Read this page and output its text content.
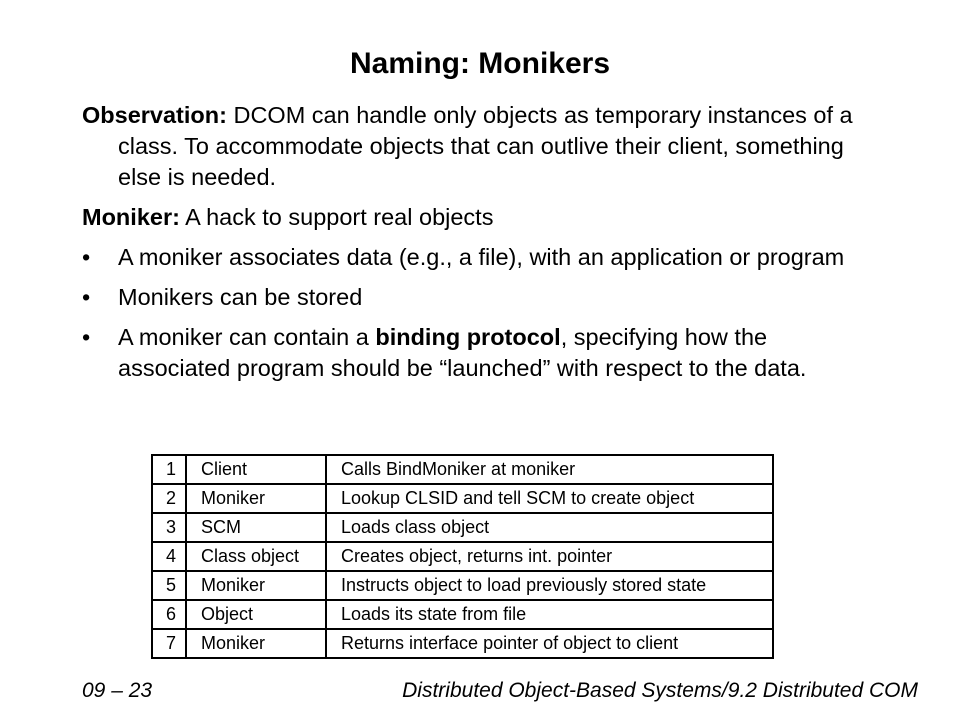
Naming: Monikers

Observation: DCOM can handle only objects as temporary instances of a class. To accommodate objects that can outlive their client, something else is needed.

Moniker: A hack to support real objects

•	A moniker associates data (e.g., a file), with an application or program
•	Monikers can be stored
•	A moniker can contain a binding protocol, specifying how the associated program should be “launched” with respect to the data.
1	Client	Calls BindMoniker at moniker
2	Moniker	Lookup CLSID and tell SCM to create object
3	SCM	Loads class object
4	Class object	Creates object, returns int. pointer
5	Moniker	Instructs object to load previously stored state
6	Object	Loads its state from file
7	Moniker	Returns interface pointer of object to client
09 – 23	Distributed Object-Based Systems/9.2 Distributed COM
